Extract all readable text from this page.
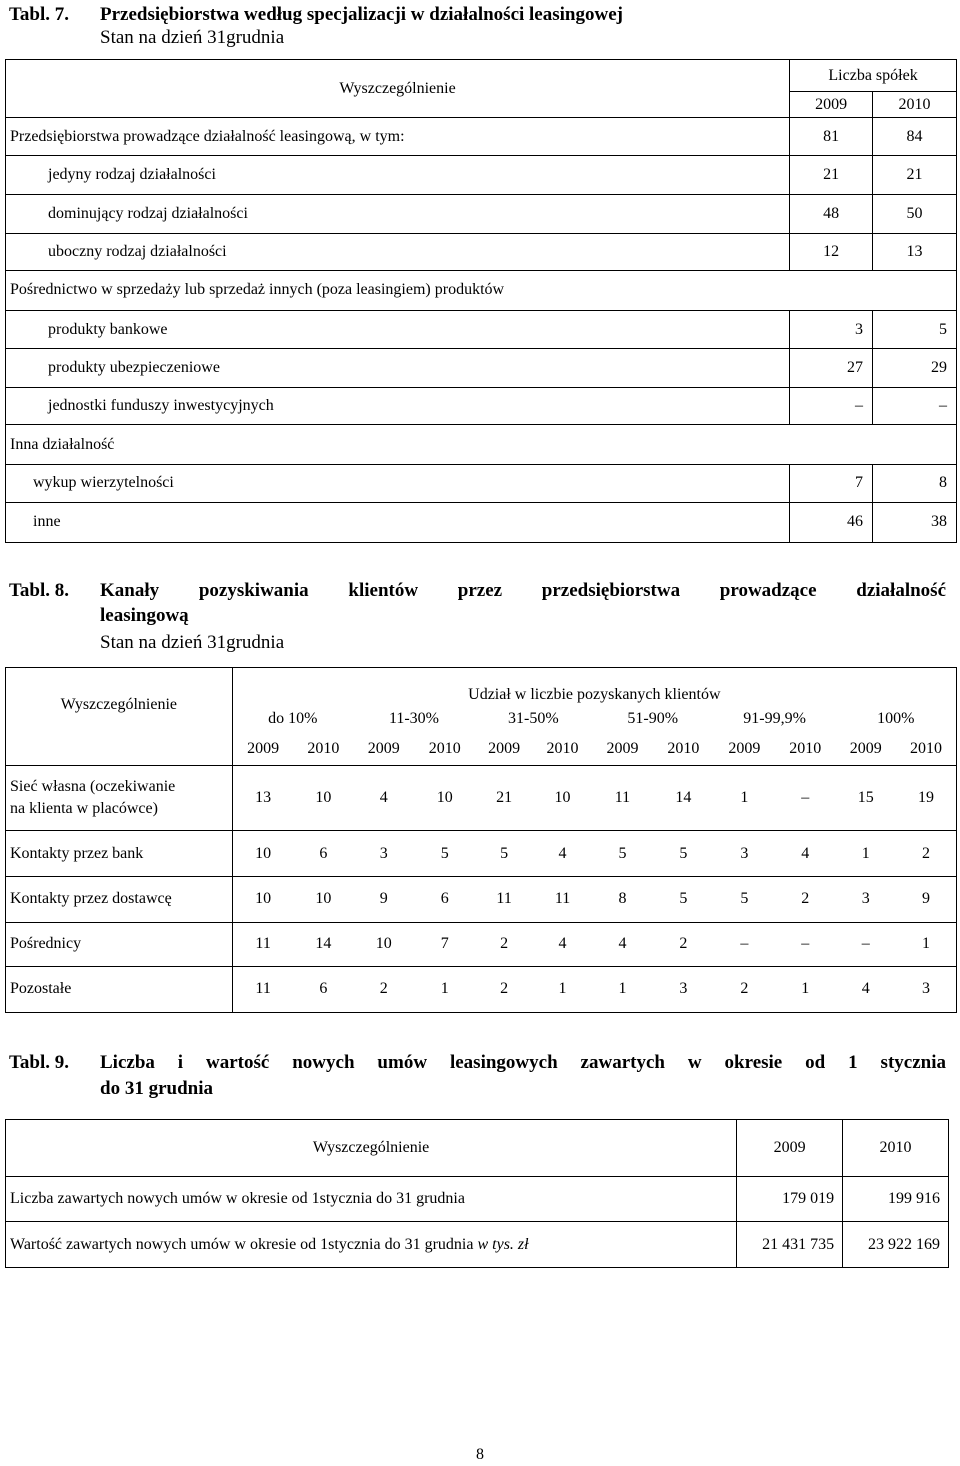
Tabl. 7. Przedsiębiorstwa według specjalizacji w działalności leasingowej
Stan na dzień 31grudnia
Wyszczególnienie	Liczba spółek	
	2009	2010
Przedsiębiorstwa prowadzące działalność leasingową, w tym:	81	84
jedyny rodzaj działalności	21	21
dominujący rodzaj działalności	48	50
uboczny rodzaj działalności	12	13
Pośrednictwo w sprzedaży lub sprzedaż innych (poza leasingiem) produktów		
produkty bankowe	3	5
produkty ubezpieczeniowe	27	29
jednostki funduszy inwestycyjnych	–	–
Inna działalność		
wykup wierzytelności	7	8
inne	46	38
Tabl. 8.	Kanały pozyskiwania klientów przez przedsiębiorstwa prowadzące działalność
leasingową
Stan na dzień 31grudnia
Wyszczególnienie	Udział w liczbie pozyskanych klientów											
	do 10%		11-30%		31-50%		51-90%		91-99,9%		100%	
	2009	2010	2009	2010	2009	2010	2009	2010	2009	2010	2009	2010

Sieć własna (oczekiwanie
na klienta w placówce)	13	10	4	10	21	10	11	14	1	–	15	19
Kontakty przez bank	10	6	3	5	5	4	5	5	3	4	1	2
Kontakty przez dostawcę	10	10	9	6	11	11	8	5	5	2	3	9
Pośrednicy	11	14	10	7	2	4	4	2	–	–	–	1
Pozostałe	11	6	2	1	2	1	1	3	2	1	4	3
Tabl. 9.	Liczba i wartość nowych umów leasingowych zawartych w okresie od 1 stycznia
do 31 grudnia
Wyszczególnienie	2009	2010
Liczba zawartych nowych umów w okresie od 1stycznia do 31 grudnia	179 019	199 916
Wartość zawartych nowych umów w okresie od 1stycznia do 31 grudnia w tys. zł	21 431 735	23 922 169
8
